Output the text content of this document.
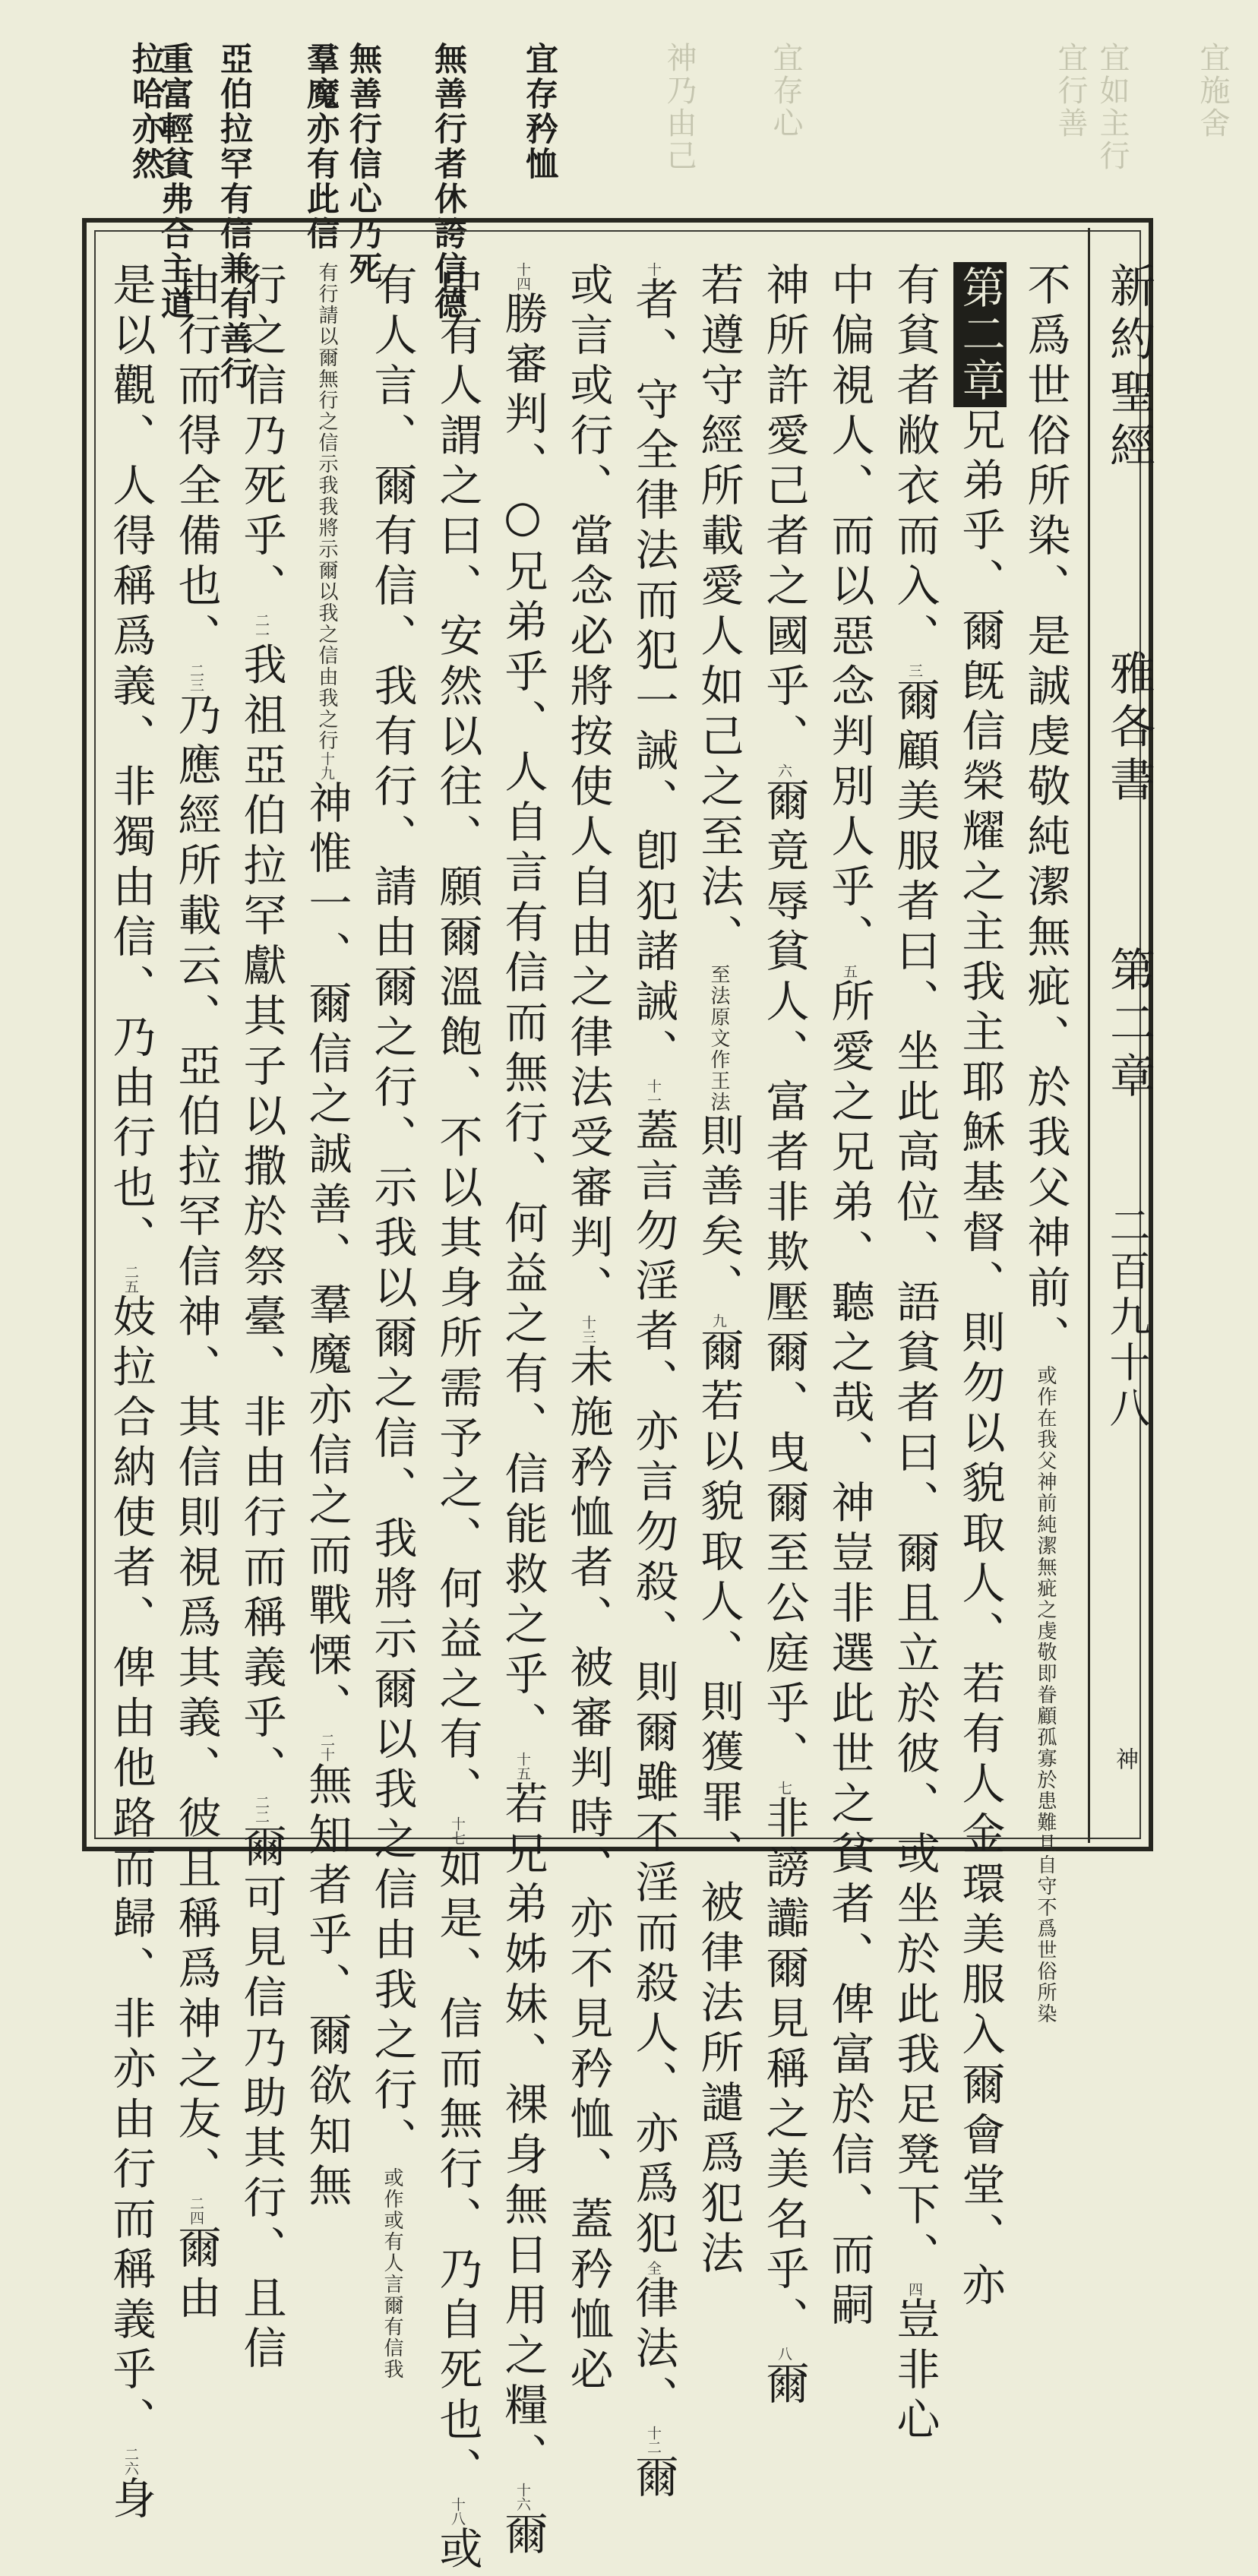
宜施舍
宜如主行
宜行善
宜存心
神乃由己
重富輕貧弗合主道	宜存矜恤
無善行者休誇信德
無善行信心乃死
羣魔亦有此信
亞伯拉罕有信兼有善行
拉哈亦然
新約聖經  雅各書  第二章
二百九十八
神
不爲世俗所染、是誠虔敬純潔無疵、於我父神前、或作在我父神前純潔無疵之虔敬即眷顧孤寡於患難且自守不爲世俗所染
第二章兄弟乎、爾旣信榮耀之主我主耶穌基督、則勿以貌取人、若有人金環美服入爾會堂、亦
有貧者敝衣而入、三爾顧美服者曰、坐此高位、語貧者曰、爾且立於彼、或坐於此我足凳下、四豈非心
中偏視人、而以惡念判別人乎、五所愛之兄弟、聽之哉、神豈非選此世之貧者、俾富於信、而嗣
神所許愛己者之國乎、六爾竟辱貧人、富者非欺壓爾、曳爾至公庭乎、七非謗讟爾見稱之美名乎、八爾
若遵守經所載愛人如己之至法、至法原文作王法則善矣、九爾若以貌取人、則獲罪、被律法所譴爲犯法
十者、守全律法而犯一誡、卽犯諸誡、十一蓋言勿淫者、亦言勿殺、則爾雖不淫而殺人、亦爲犯全律法、十二爾
或言或行、當念必將按使人自由之律法受審判、十三未施矜恤者、被審判時、亦不見矜恤、蓋矜恤必
十四勝審判、○兄弟乎、人自言有信而無行、何益之有、信能救之乎、十五若兄弟姊妹、裸身無日用之糧、十六爾
中有人謂之曰、安然以往、願爾溫飽、不以其身所需予之、何益之有、十七如是、信而無行、乃自死也、十八或
有人言、爾有信、我有行、請由爾之行、示我以爾之信、我將示爾以我之信由我之行、或作或有人言爾有信我
有行請以爾無行之信示我我將示爾以我之信由我之行十九神惟一、爾信之誠善、羣魔亦信之而戰慄、二十無知者乎、爾欲知無
行之信乃死乎、二一我祖亞伯拉罕獻其子以撒於祭臺、非由行而稱義乎、二二爾可見信乃助其行、且信
由行而得全備也、二三乃應經所載云、亞伯拉罕信神、其信則視爲其義、彼且稱爲神之友、二四爾由
是以觀、人得稱爲義、非獨由信、乃由行也、二五妓拉合納使者、俾由他路而歸、非亦由行而稱義乎、二六身
